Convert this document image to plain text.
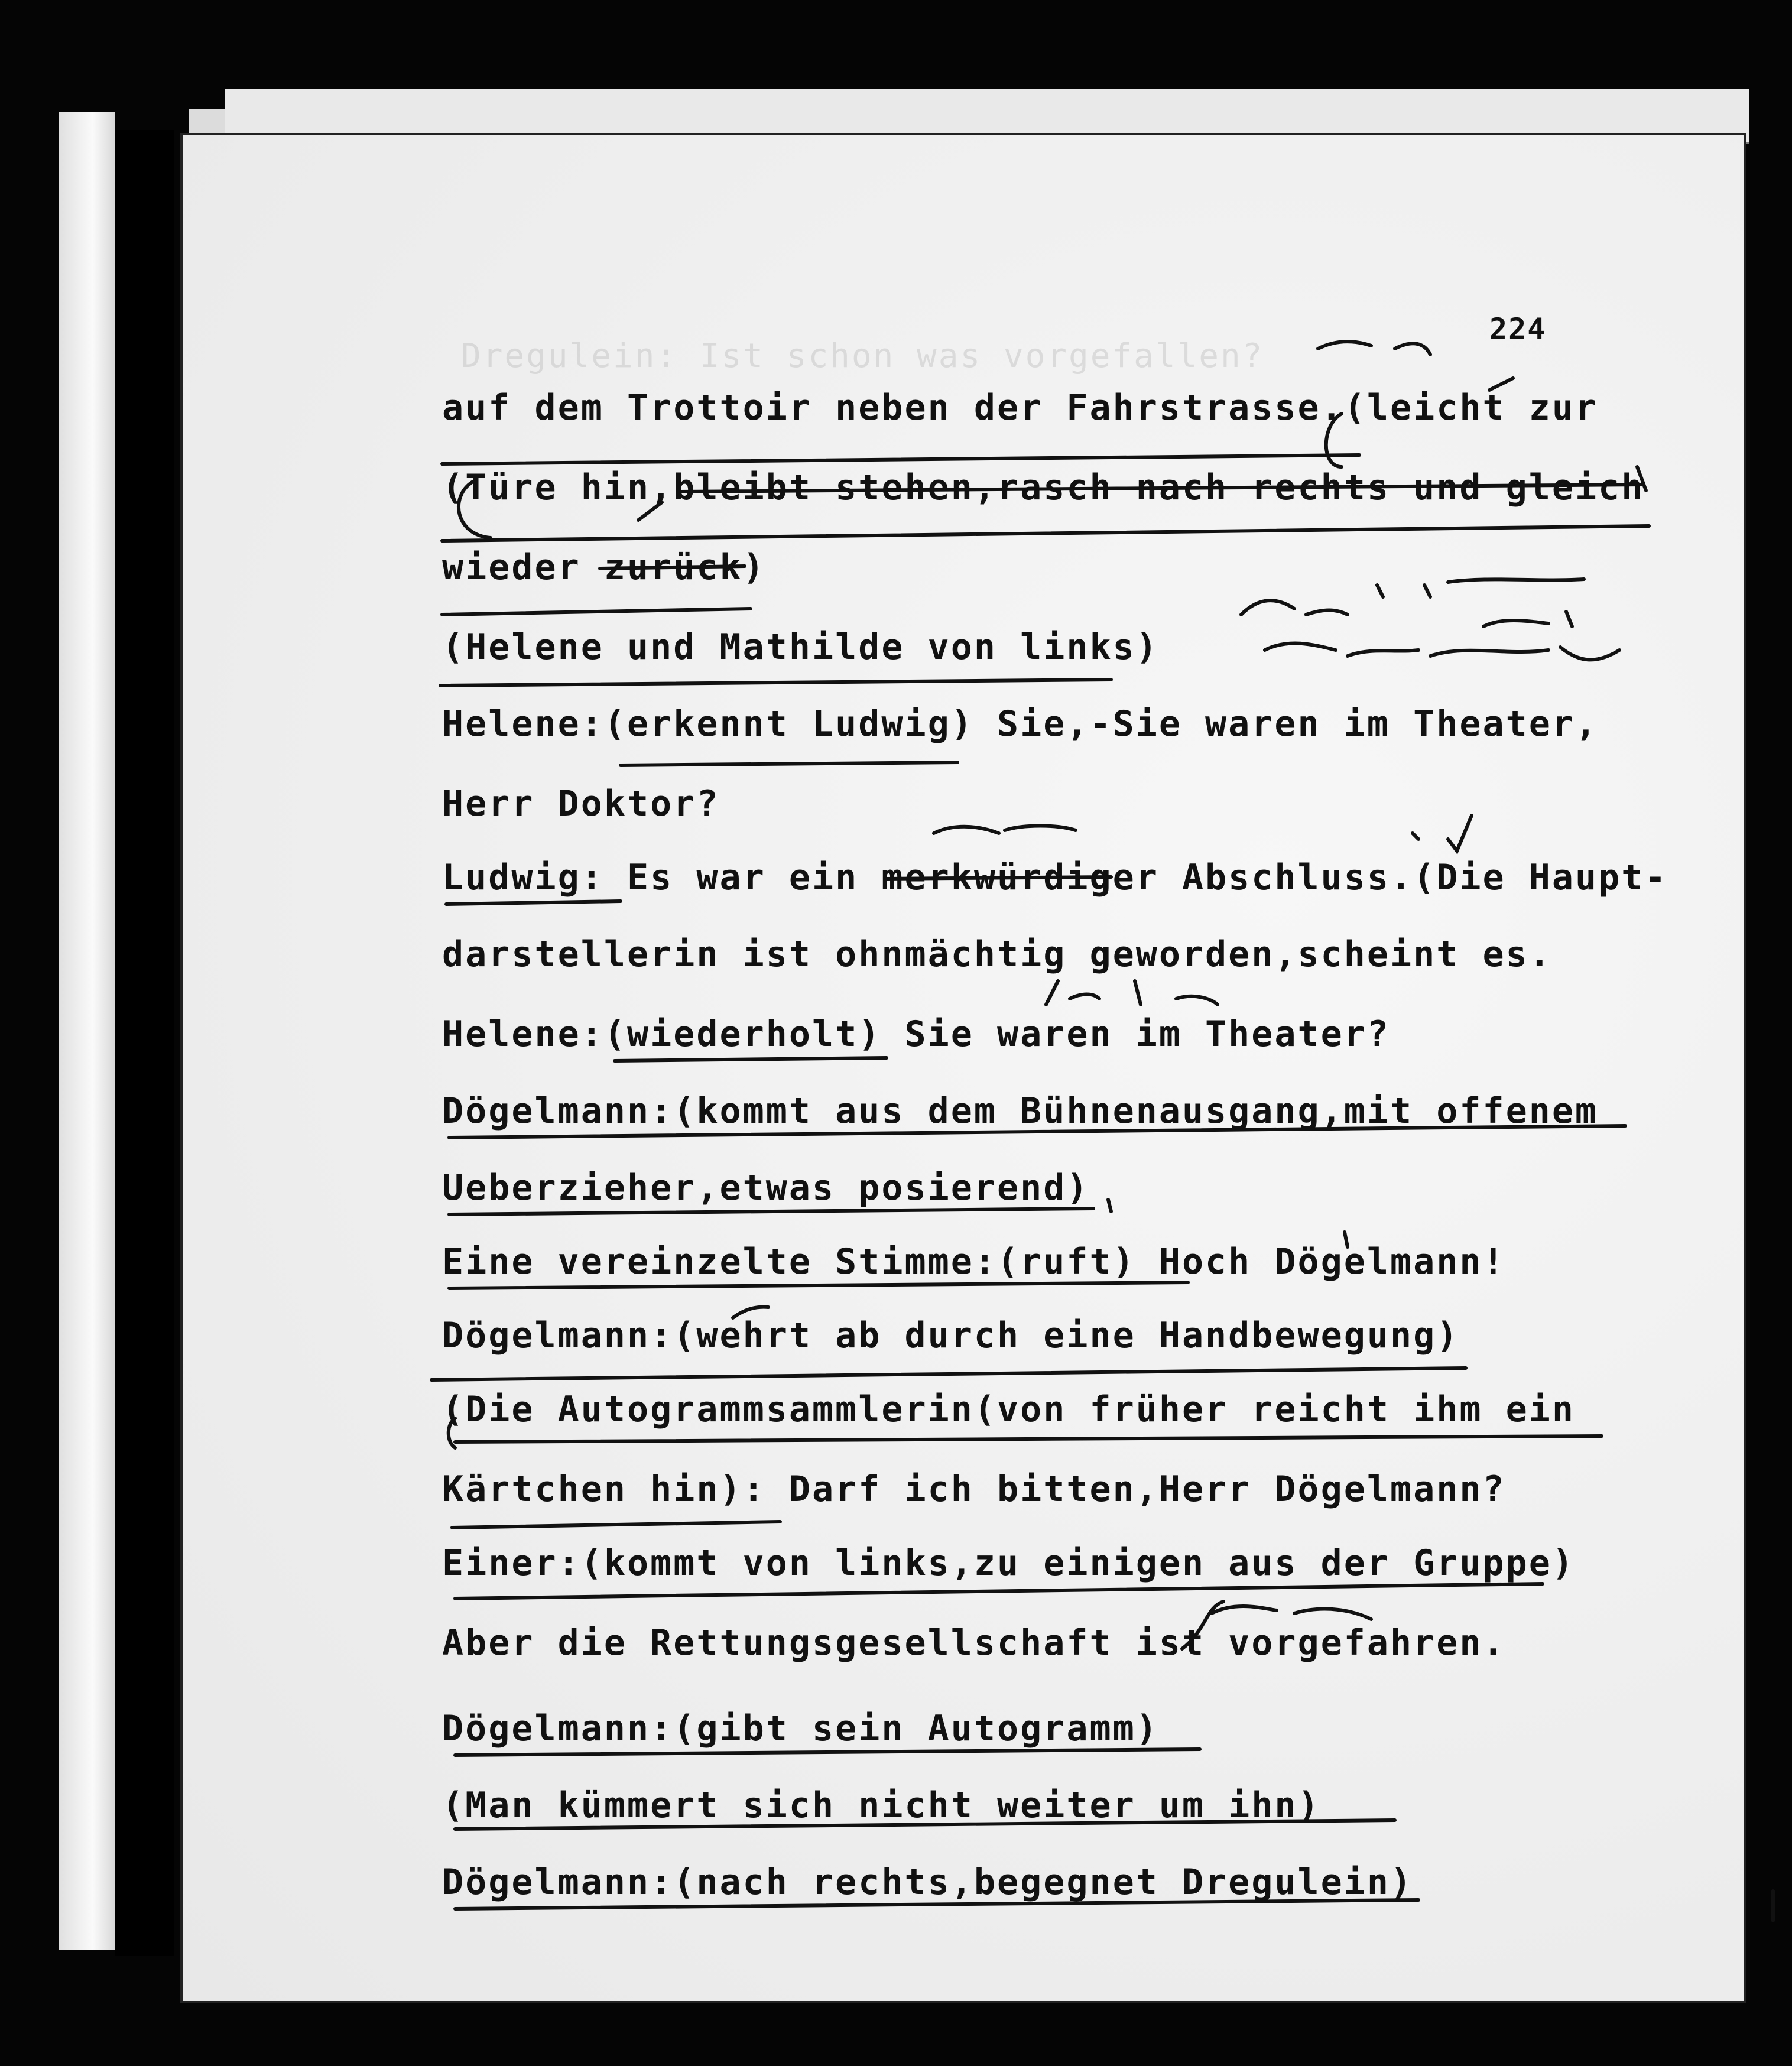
Dregulein: Ist schon was vorgefallen?
224
auf dem Trottoir neben der Fahrstrasse.(leicht zur
(Türe hin,bleibt stehen,rasch nach rechts und gleich
wieder zurück)
(Helene und Mathilde von links)
Helene:(erkennt Ludwig) Sie,-Sie waren im Theater,
Herr Doktor?
Ludwig: Es war ein merkwürdiger Abschluss.(Die Haupt-
darstellerin ist ohnmächtig geworden,scheint es.
Helene:(wiederholt) Sie waren im Theater?
Dögelmann:(kommt aus dem Bühnenausgang,mit offenem
Ueberzieher,etwas posierend)
Eine vereinzelte Stimme:(ruft) Hoch Dögelmann!
Dögelmann:(wehrt ab durch eine Handbewegung)
(Die Autogrammsammlerin(von früher reicht ihm ein
Kärtchen hin): Darf ich bitten,Herr Dögelmann?
Einer:(kommt von links,zu einigen aus der Gruppe)
Aber die Rettungsgesellschaft ist vorgefahren.
Dögelmann:(gibt sein Autogramm)
(Man kümmert sich nicht weiter um ihn)
Dögelmann:(nach rechts,begegnet Dregulein)
